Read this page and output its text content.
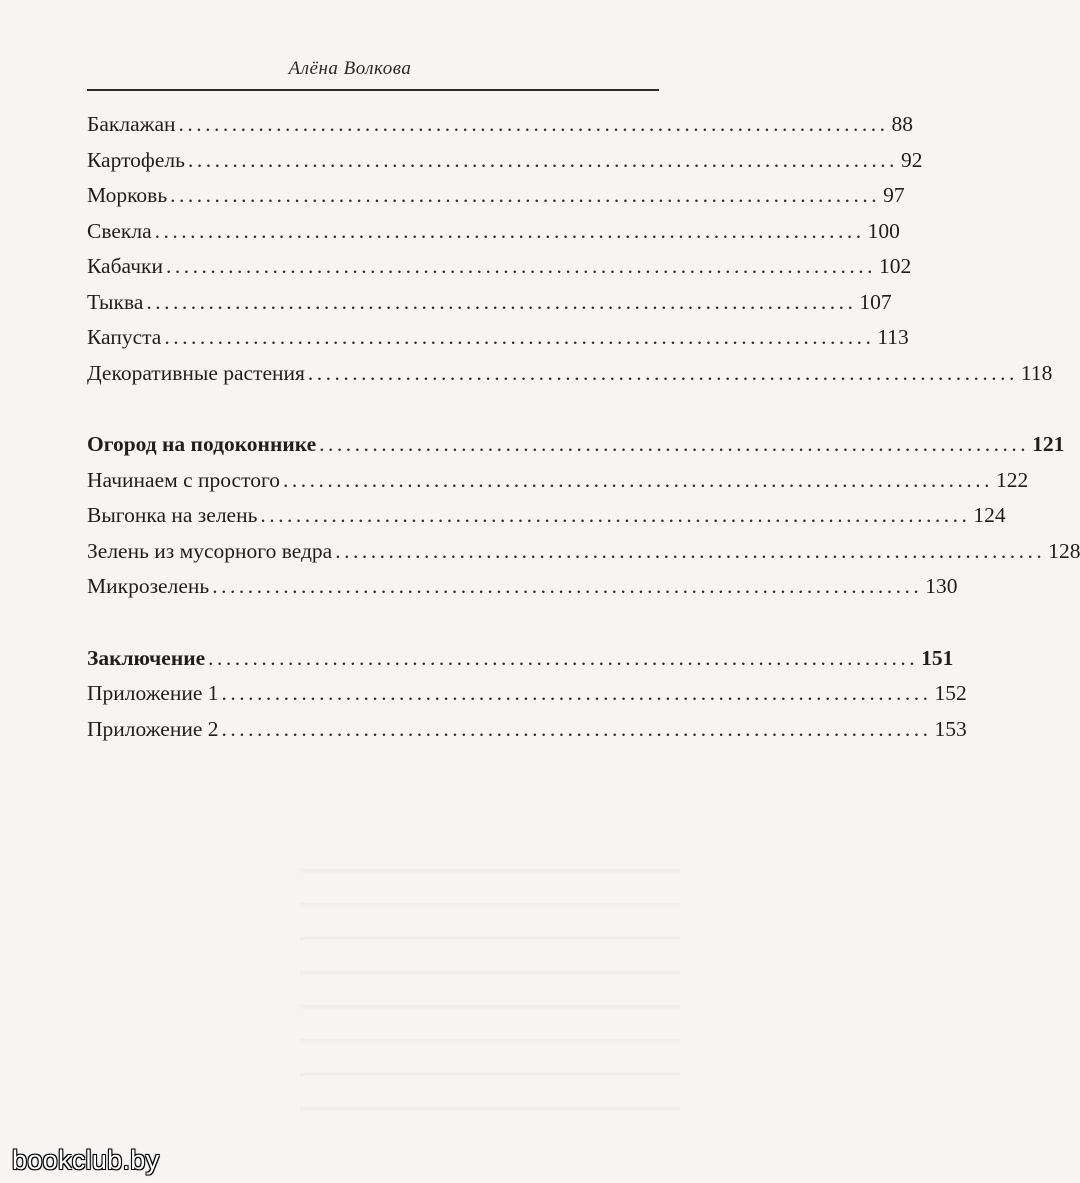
Алёна Волкова
Баклажан ................................................................................ 88
Картофель ................................................................................ 92
Морковь ................................................................................ 97
Свекла ................................................................................ 100
Кабачки ................................................................................ 102
Тыква ................................................................................ 107
Капуста ................................................................................ 113
Декоративные растения ................................................................................ 118
Огород на подоконнике ................................................................................ 121
Начинаем с простого ................................................................................ 122
Выгонка на зелень ................................................................................ 124
Зелень из мусорного ведра ................................................................................ 128
Микрозелень ................................................................................ 130
Заключение ................................................................................ 151
Приложение 1 ................................................................................ 152
Приложение 2 ................................................................................ 153
bookclub.by
